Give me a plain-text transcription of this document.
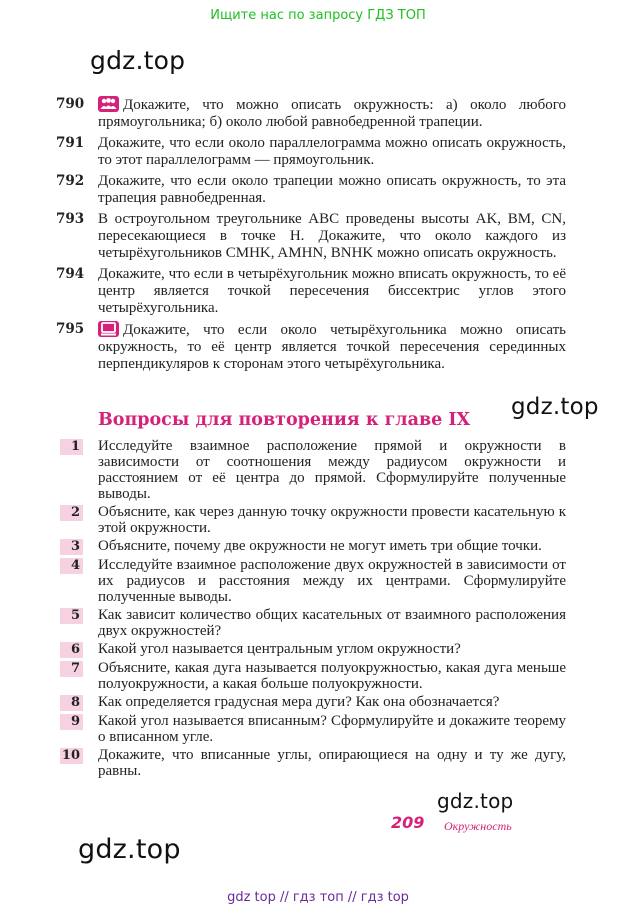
Ищите нас по запросу ГДЗ ТОП
gdz.top
gdz.top
gdz.top
gdz.top
790	Докажите, что можно описать окружность: а) около любого прямоугольника; б) около любой равнобедренной трапеции.
791 Докажите, что если около параллелограмма можно описать окружность, то этот параллелограмм — прямоугольник.
792 Докажите, что если около трапеции можно описать окружность, то эта трапеция равнобедренная.
793 В остроугольном треугольнике ABC проведены высоты AK, BM, CN, пересекающиеся в точке H. Докажите, что около каждого из четырёхугольников CMHK, AMHN, BNHK можно описать окружность.
794 Докажите, что если в четырёхугольник можно вписать окружность, то её центр является точкой пересечения биссектрис углов этого четырёхугольника.
795	Докажите, что если около четырёхугольника можно описать окружность, то её центр является точкой пересечения серединных перпендикуляров к сторонам этого четырёхугольника.
Вопросы для повторения к главе IX
1 Исследуйте взаимное расположение прямой и окружности в зависимости от соотношения между радиусом окружности и расстоянием от её центра до прямой. Сформулируйте полученные выводы.
2 Объясните, как через данную точку окружности провести касательную к этой окружности.
3 Объясните, почему две окружности не могут иметь три общие точки.
4 Исследуйте взаимное расположение двух окружностей в зависимости от их радиусов и расстояния между их центрами. Сформулируйте полученные выводы.
5 Как зависит количество общих касательных от взаимного расположения двух окружностей?
6 Какой угол называется центральным углом окружности?
7 Объясните, какая дуга называется полуокружностью, какая дуга меньше полуокружности, а какая больше полуокружности.
8 Как определяется градусная мера дуги? Как она обозначается?
9 Какой угол называется вписанным? Сформулируйте и докажите теорему о вписанном угле.
10 Докажите, что вписанные углы, опирающиеся на одну и ту же дугу, равны.
209 Окружность
gdz top // гдз топ // гдз top
